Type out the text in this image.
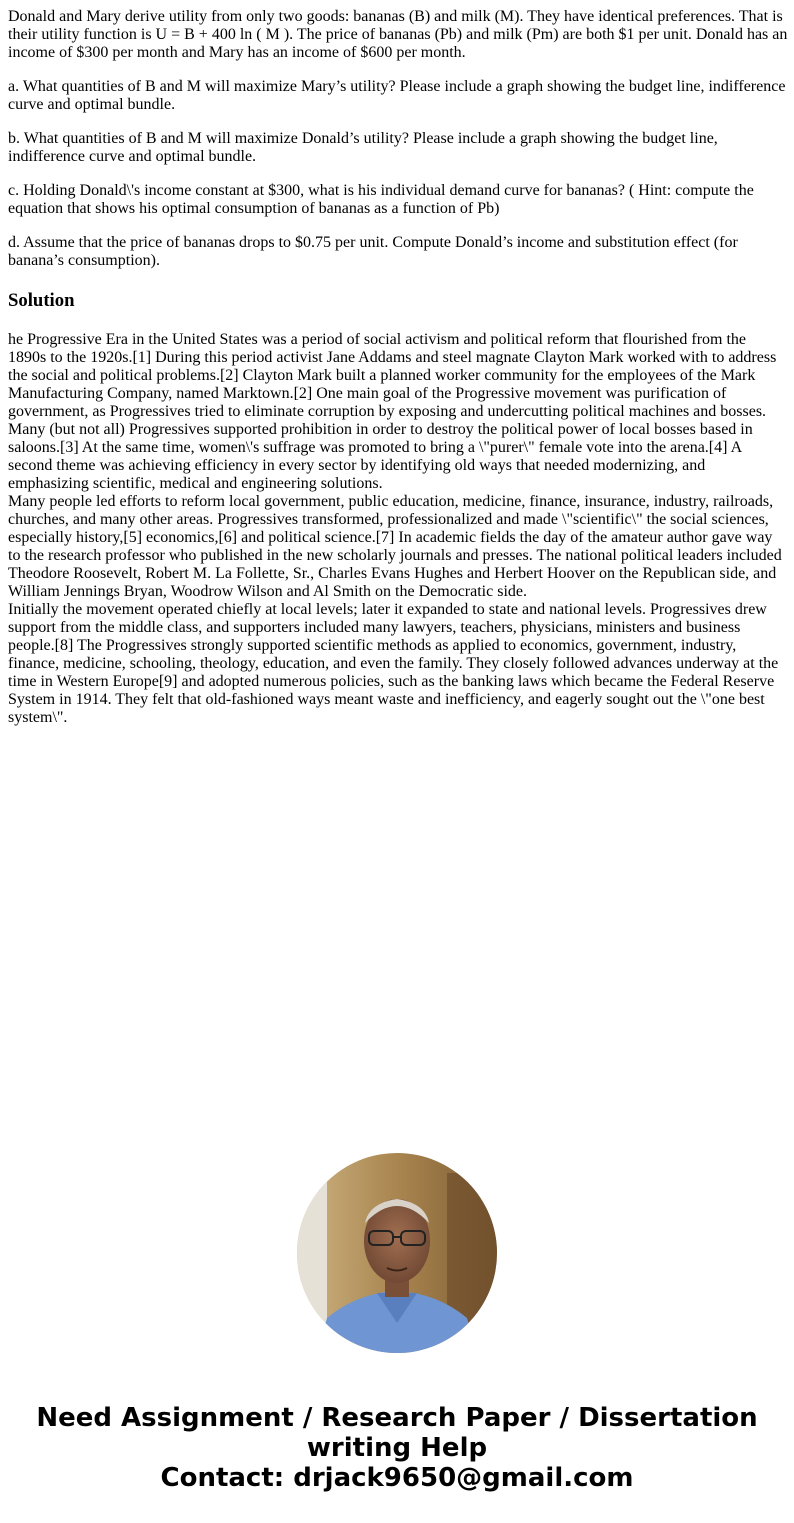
Donald and Mary derive utility from only two goods: bananas (B) and milk (M). They have identical preferences. That is their utility function is U = B + 400 ln ( M ). The price of bananas (Pb) and milk (Pm) are both $1 per unit. Donald has an income of $300 per month and Mary has an income of $600 per month.

a. What quantities of B and M will maximize Mary’s utility? Please include a graph showing the budget line, indifference curve and optimal bundle.

b. What quantities of B and M will maximize Donald’s utility? Please include a graph showing the budget line, indifference curve and optimal bundle.

c. Holding Donald\'s income constant at $300, what is his individual demand curve for bananas? ( Hint: compute the equation that shows his optimal consumption of bananas as a function of Pb)

d. Assume that the price of bananas drops to $0.75 per unit. Compute Donald’s income and substitution effect (for banana’s consumption).

Solution
he Progressive Era in the United States was a period of social activism and political reform that flourished from the 1890s to the 1920s.[1] During this period activist Jane Addams and steel magnate Clayton Mark worked with to address the social and political problems.[2] Clayton Mark built a planned worker community for the employees of the Mark Manufacturing Company, named Marktown.[2] One main goal of the Progressive movement was purification of government, as Progressives tried to eliminate corruption by exposing and undercutting political machines and bosses. Many (but not all) Progressives supported prohibition in order to destroy the political power of local bosses based in saloons.[3] At the same time, women\'s suffrage was promoted to bring a \"purer\" female vote into the arena.[4] A second theme was achieving efficiency in every sector by identifying old ways that needed modernizing, and emphasizing scientific, medical and engineering solutions.
Many people led efforts to reform local government, public education, medicine, finance, insurance, industry, railroads, churches, and many other areas. Progressives transformed, professionalized and made \"scientific\" the social sciences, especially history,[5] economics,[6] and political science.[7] In academic fields the day of the amateur author gave way to the research professor who published in the new scholarly journals and presses. The national political leaders included Theodore Roosevelt, Robert M. La Follette, Sr., Charles Evans Hughes and Herbert Hoover on the Republican side, and William Jennings Bryan, Woodrow Wilson and Al Smith on the Democratic side.
Initially the movement operated chiefly at local levels; later it expanded to state and national levels. Progressives drew support from the middle class, and supporters included many lawyers, teachers, physicians, ministers and business people.[8] The Progressives strongly supported scientific methods as applied to economics, government, industry, finance, medicine, schooling, theology, education, and even the family. They closely followed advances underway at the time in Western Europe[9] and adopted numerous policies, such as the banking laws which became the Federal Reserve System in 1914. They felt that old-fashioned ways meant waste and inefficiency, and eagerly sought out the \"one best system\".
Need Assignment / Research Paper / Dissertation
writing Help
Contact: drjack9650@gmail.com
